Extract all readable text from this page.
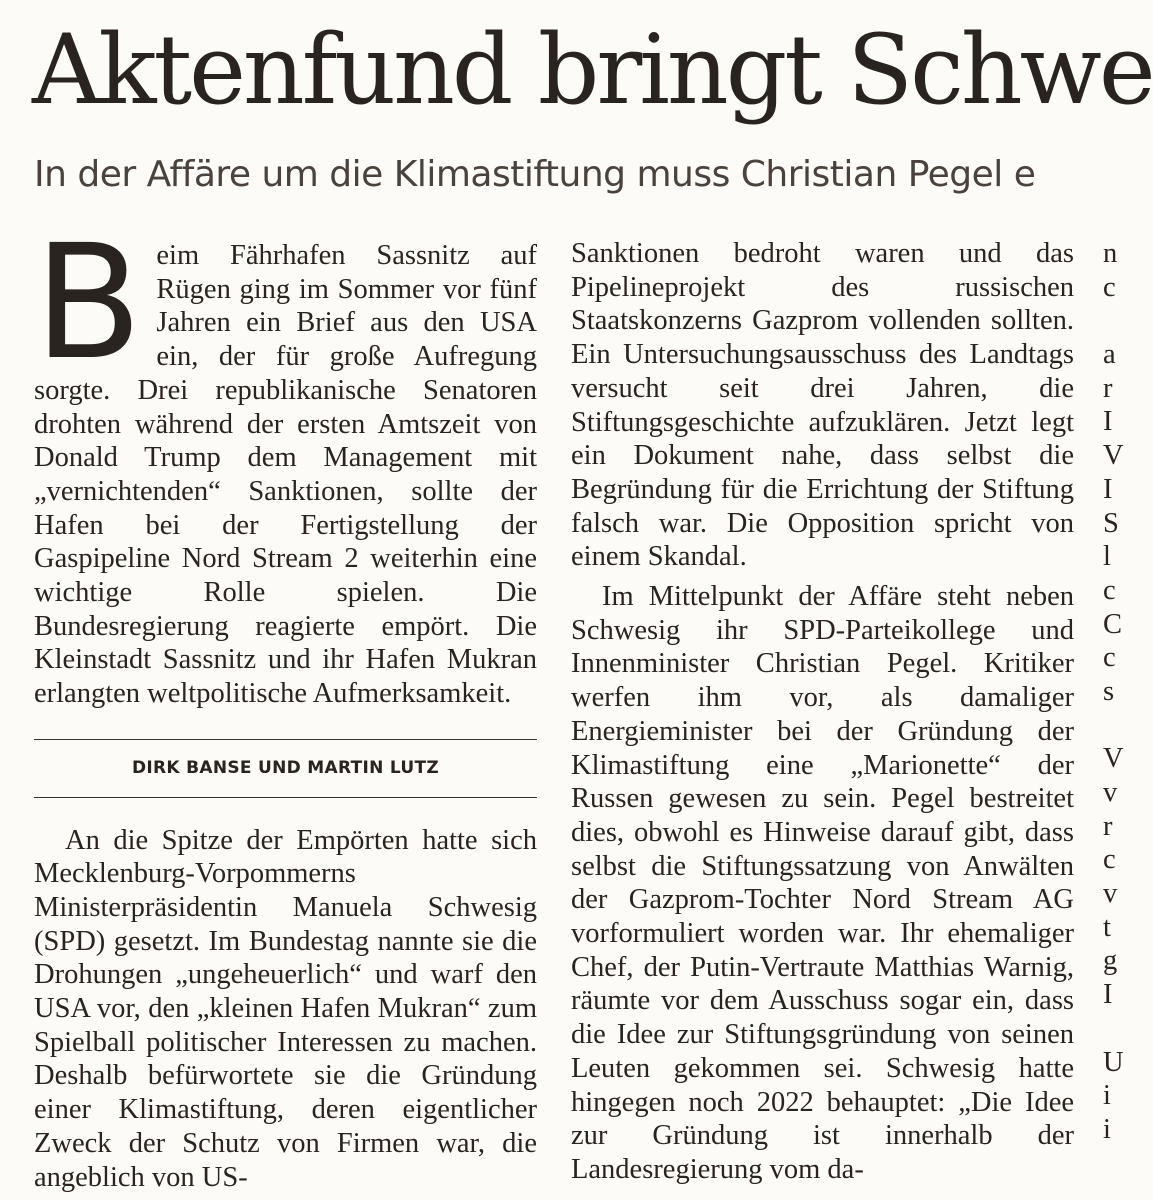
Aktenfund bringt Schwe
In der Affäre um die Klimastiftung muss Christian Pegel e
B eim Fährhafen Sassnitz auf Rügen ging im Sommer vor fünf Jahren ein Brief aus den USA ein, der für große Aufregung sorgte. Drei republikanische Senatoren drohten während der ersten Amtszeit von Donald Trump dem Management mit „vernichtenden“ Sanktionen, sollte der Hafen bei der Fertigstellung der Gaspipeline Nord Stream 2 weiterhin eine wichtige Rolle spielen. Die Bundesregierung reagierte empört. Die Kleinstadt Sassnitz und ihr Hafen Mukran erlangten weltpolitische Aufmerksamkeit.

DIRK BANSE UND MARTIN LUTZ

An die Spitze der Empörten hatte sich Mecklenburg-Vorpommerns Ministerpräsidentin Manuela Schwesig (SPD) gesetzt. Im Bundestag nannte sie die Drohungen „ungeheuerlich“ und warf den USA vor, den „kleinen Hafen Mukran“ zum Spielball politischer Interessen zu machen. Deshalb befürwortete sie die Gründung einer Klimastiftung, deren eigentlicher Zweck der Schutz von Firmen war, die angeblich von US-

Sanktionen bedroht waren und das Pipelineprojekt des russischen Staatskonzerns Gazprom vollenden sollten. Ein Untersuchungsausschuss des Landtags versucht seit drei Jahren, die Stiftungsgeschichte aufzuklären. Jetzt legt ein Dokument nahe, dass selbst die Begründung für die Errichtung der Stiftung falsch war. Die Opposition spricht von einem Skandal.

Im Mittelpunkt der Affäre steht neben Schwesig ihr SPD-Parteikollege und Innenminister Christian Pegel. Kritiker werfen ihm vor, als damaliger Energieminister bei der Gründung der Klimastiftung eine „Marionette“ der Russen gewesen zu sein. Pegel bestreitet dies, obwohl es Hinweise darauf gibt, dass selbst die Stiftungssatzung von Anwälten der Gazprom-Tochter Nord Stream AG vorformuliert worden war. Ihr ehemaliger Chef, der Putin-Vertraute Matthias Warnig, räumte vor dem Ausschuss sogar ein, dass die Idee zur Stiftungsgründung von seinen Leuten gekommen sei. Schwesig hatte hingegen noch 2022 behauptet: „Die Idee zur Gründung ist innerhalb der Landesregierung vom da-

n
c
a
r
I
V
I
S
l
c
C
c
s
V
v
r
c
v
t
g
I
U
i
i
